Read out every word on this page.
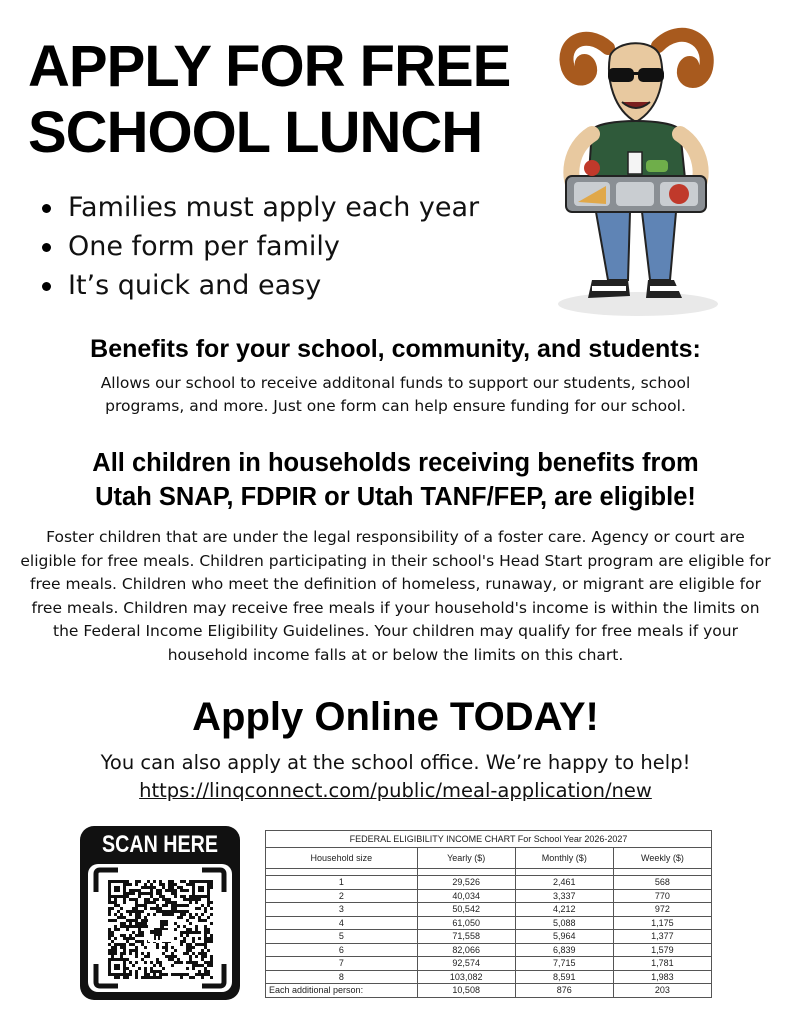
APPLY FOR FREE
SCHOOL LUNCH
Families must apply each year
One form per family
It’s quick and easy
Benefits for your school, community, and students:

Allows our school to receive additonal funds to support our students, school programs, and more. Just one form can help ensure funding for our school.

All children in households receiving benefits from
Utah SNAP, FDPIR or Utah TANF/FEP, are eligible!

Foster children that are under the legal responsibility of a foster care. Agency or court are eligible for free meals. Children participating in their school's Head Start program are eligible for free meals. Children who meet the definition of homeless, runaway, or migrant are eligible for free meals. Children may receive free meals if your household's income is within the limits on the Federal Income Eligibility Guidelines. Your children may qualify for free meals if your household income falls at or below the limits on this chart.

Apply Online TODAY!

You can also apply at the school office. We’re happy to help!

https://linqconnect.com/public/meal-application/new
SCAN HERE	FEDERAL ELIGIBILITY INCOME CHART For School Year 2026-2027
Household size	Yearly ($)	Monthly ($)	Weekly ($)

1	29,526	2,461	568
2	40,034	3,337	770
3	50,542	4,212	972
4	61,050	5,088	1,175
5	71,558	5,964	1,377
6	82,066	6,839	1,579
7	92,574	7,715	1,781
8	103,082	8,591	1,983
Each additional person:	10,508	876	203
